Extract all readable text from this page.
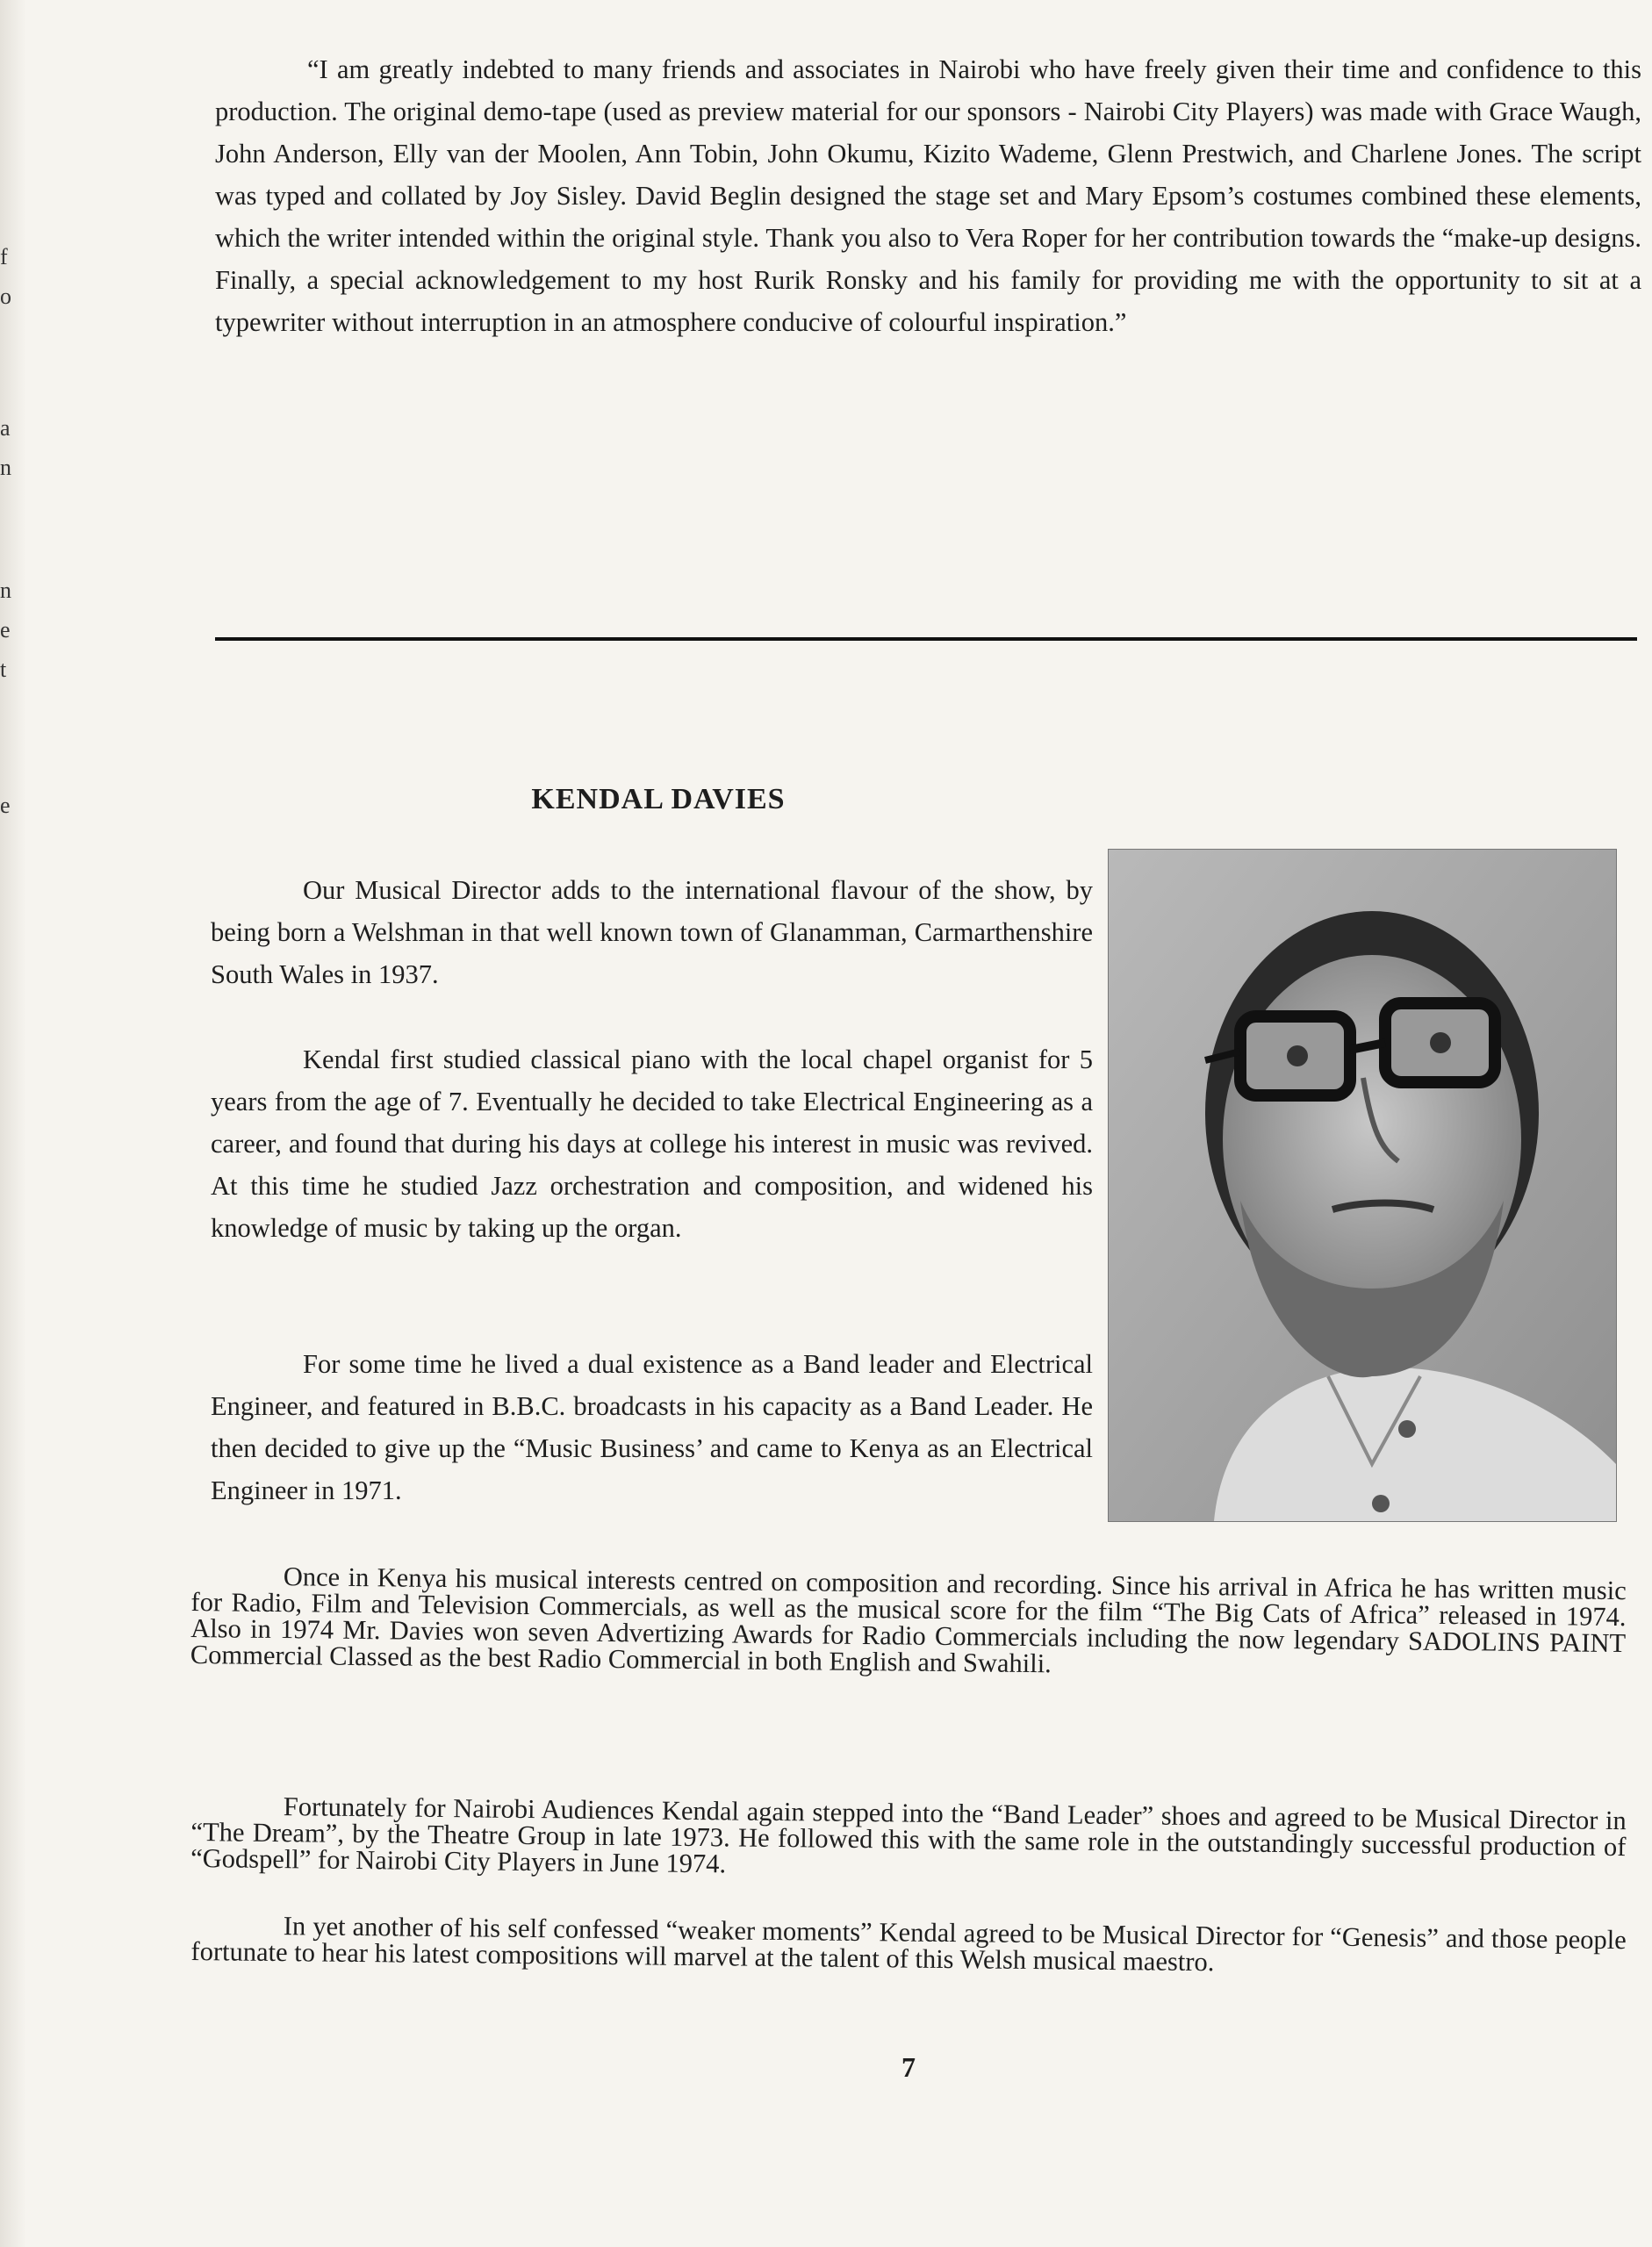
f
o
a
n
n
e
t
e

“I am greatly indebted to many friends and associates in Nairobi who have freely given their time and confidence to this production. The original demo-tape (used as preview material for our sponsors - Nairobi City Players) was made with Grace Waugh, John Anderson, Elly van der Moolen, Ann Tobin, John Okumu, Kizito Wademe, Glenn Prestwich, and Charlene Jones. The script was typed and collated by Joy Sisley. David Beglin designed the stage set and Mary Epsom’s costumes combined these elements, which the writer intended within the original style. Thank you also to Vera Roper for her contribution towards the “make-up designs. Finally, a special acknowledgement to my host Rurik Ronsky and his family for providing me with the opportunity to sit at a typewriter without interruption in an atmosphere conducive of colourful inspiration.”

KENDAL DAVIES

Our Musical Director adds to the international flavour of the show, by being born a Welshman in that well known town of Glanamman, Carmarthenshire South Wales in 1937.

Kendal first studied classical piano with the local chapel organist for 5 years from the age of 7. Eventually he decided to take Electrical Engineering as a career, and found that during his days at college his interest in music was revived. At this time he studied Jazz orchestration and composition, and widened his knowledge of music by taking up the organ.

For some time he lived a dual existence as a Band leader and Electrical Engineer, and featured in B.B.C. broadcasts in his capacity as a Band Leader. He then decided to give up the “Music Business’ and came to Kenya as an Electrical Engineer in 1971.

Once in Kenya his musical interests centred on composition and recording. Since his arrival in Africa he has written music for Radio, Film and Television Commercials, as well as the musical score for the film “The Big Cats of Africa” released in 1974. Also in 1974 Mr. Davies won seven Advertizing Awards for Radio Commercials including the now legendary SADOLINS PAINT Commercial Classed as the best Radio Commercial in both English and Swahili.

Fortunately for Nairobi Audiences Kendal again stepped into the “Band Leader” shoes and agreed to be Musical Director in “The Dream”, by the Theatre Group in late 1973. He followed this with the same role in the outstandingly successful production of “Godspell” for Nairobi City Players in June 1974.

In yet another of his self confessed “weaker moments” Kendal agreed to be Musical Director for “Genesis” and those people fortunate to hear his latest compositions will marvel at the talent of this Welsh musical maestro.

7
